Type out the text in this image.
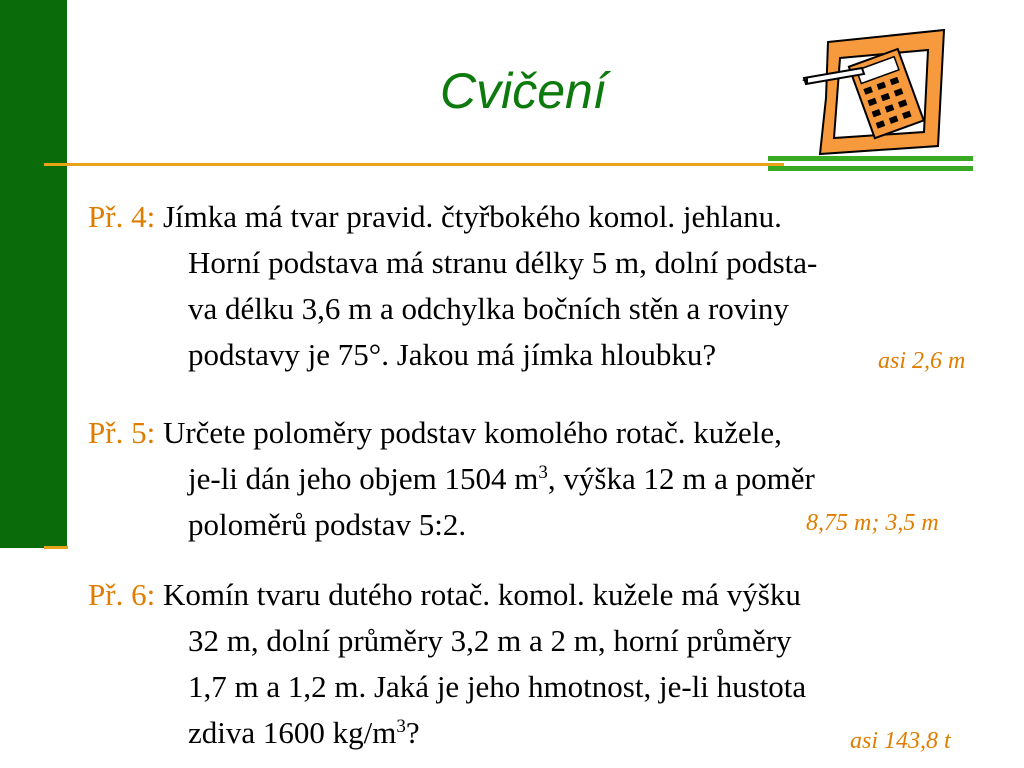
Cvičení
Př. 4: Jímka má tvar pravid. čtyřbokého komol. jehlanu.
Horní podstava má stranu délky 5 m, dolní podsta-
va délku 3,6 m a odchylka bočních stěn a roviny
podstavy je 75°. Jakou má jímka hloubku?	asi 2,6 m
Př. 5: Určete poloměry podstav komolého rotač. kužele,
je-li dán jeho objem 1504 $m^3$, výška 12 m a poměr
poloměrů podstav 5:2.	8,75 m; 3,5 m
Př. 6: Komín tvaru dutého rotač. komol. kužele má výšku
32 m, dolní průměry 3,2 m a 2 m, horní průměry
1,7 m a 1,2 m. Jaká je jeho hmotnost, je-li hustota
zdiva 1600 $kg/m^3$?	asi 143,8 t
